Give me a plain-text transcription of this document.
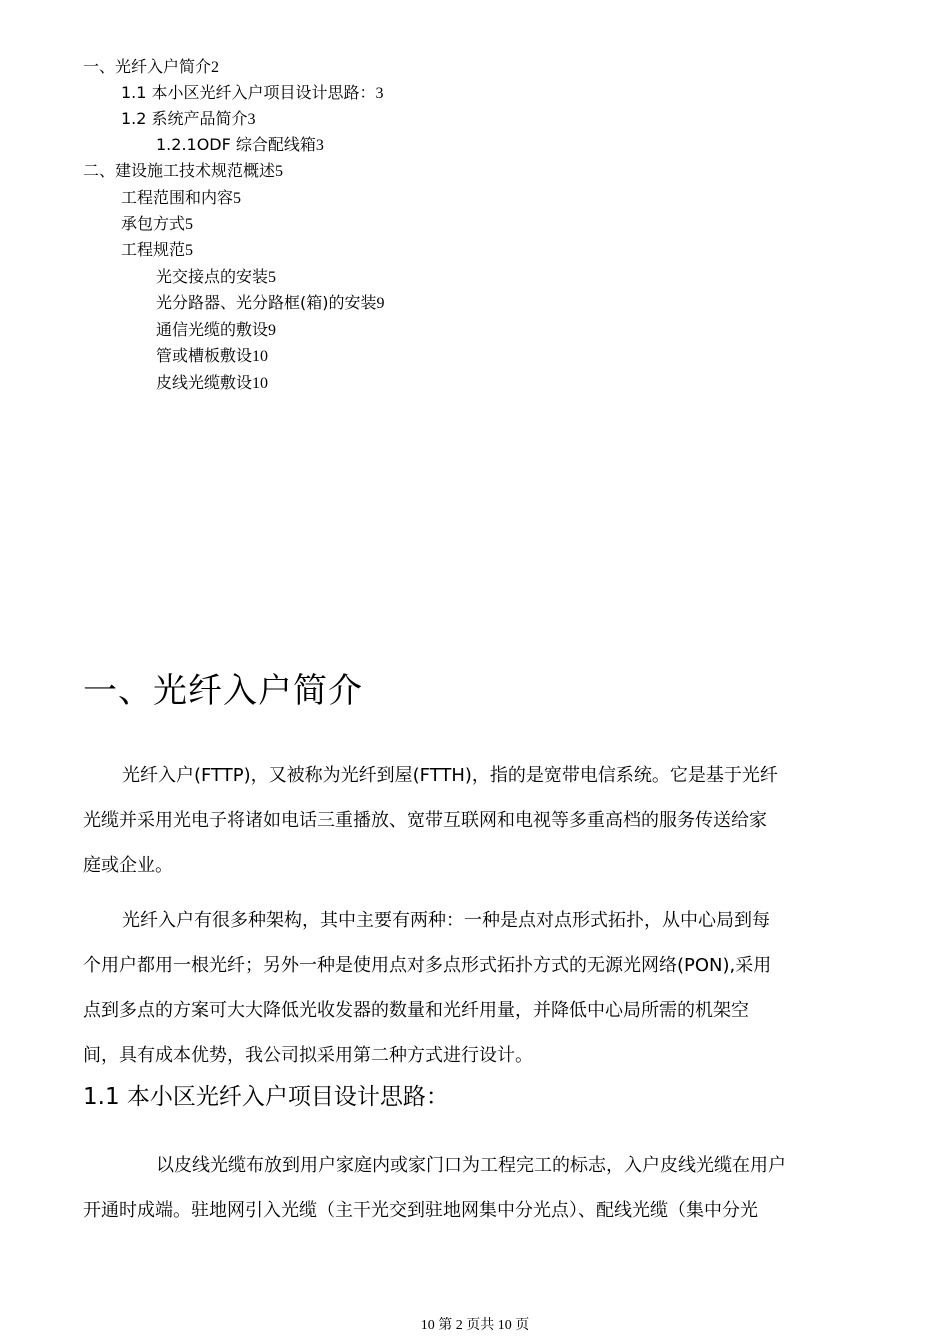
一、光纤入户简介2
1.1 本小区光纤入户项目设计思路：3
1.2 系统产品简介3
1.2.1ODF 综合配线箱3
二、建设施工技术规范概述5
工程范围和内容5
承包方式5
工程规范5
光交接点的安装5
光分路器、光分路框(箱)的安装9
通信光缆的敷设9
管或槽板敷设10
皮线光缆敷设10
一、光纤入户简介
光纤入户(FTTP)，又被称为光纤到屋(FTTH)，指的是宽带电信系统。它是基于光纤
光缆并采用光电子将诸如电话三重播放、宽带互联网和电视等多重高档的服务传送给家
庭或企业。
光纤入户有很多种架构，其中主要有两种：一种是点对点形式拓扑，从中心局到每
个用户都用一根光纤；另外一种是使用点对多点形式拓扑方式的无源光网络(PON),采用
点到多点的方案可大大降低光收发器的数量和光纤用量，并降低中心局所需的机架空
间，具有成本优势，我公司拟采用第二种方式进行设计。
1.1 本小区光纤入户项目设计思路：
以皮线光缆布放到用户家庭内或家门口为工程完工的标志，入户皮线光缆在用户
开通时成端。驻地网引入光缆（主干光交到驻地网集中分光点）、配线光缆（集中分光
10 第 2 页共 10 页
